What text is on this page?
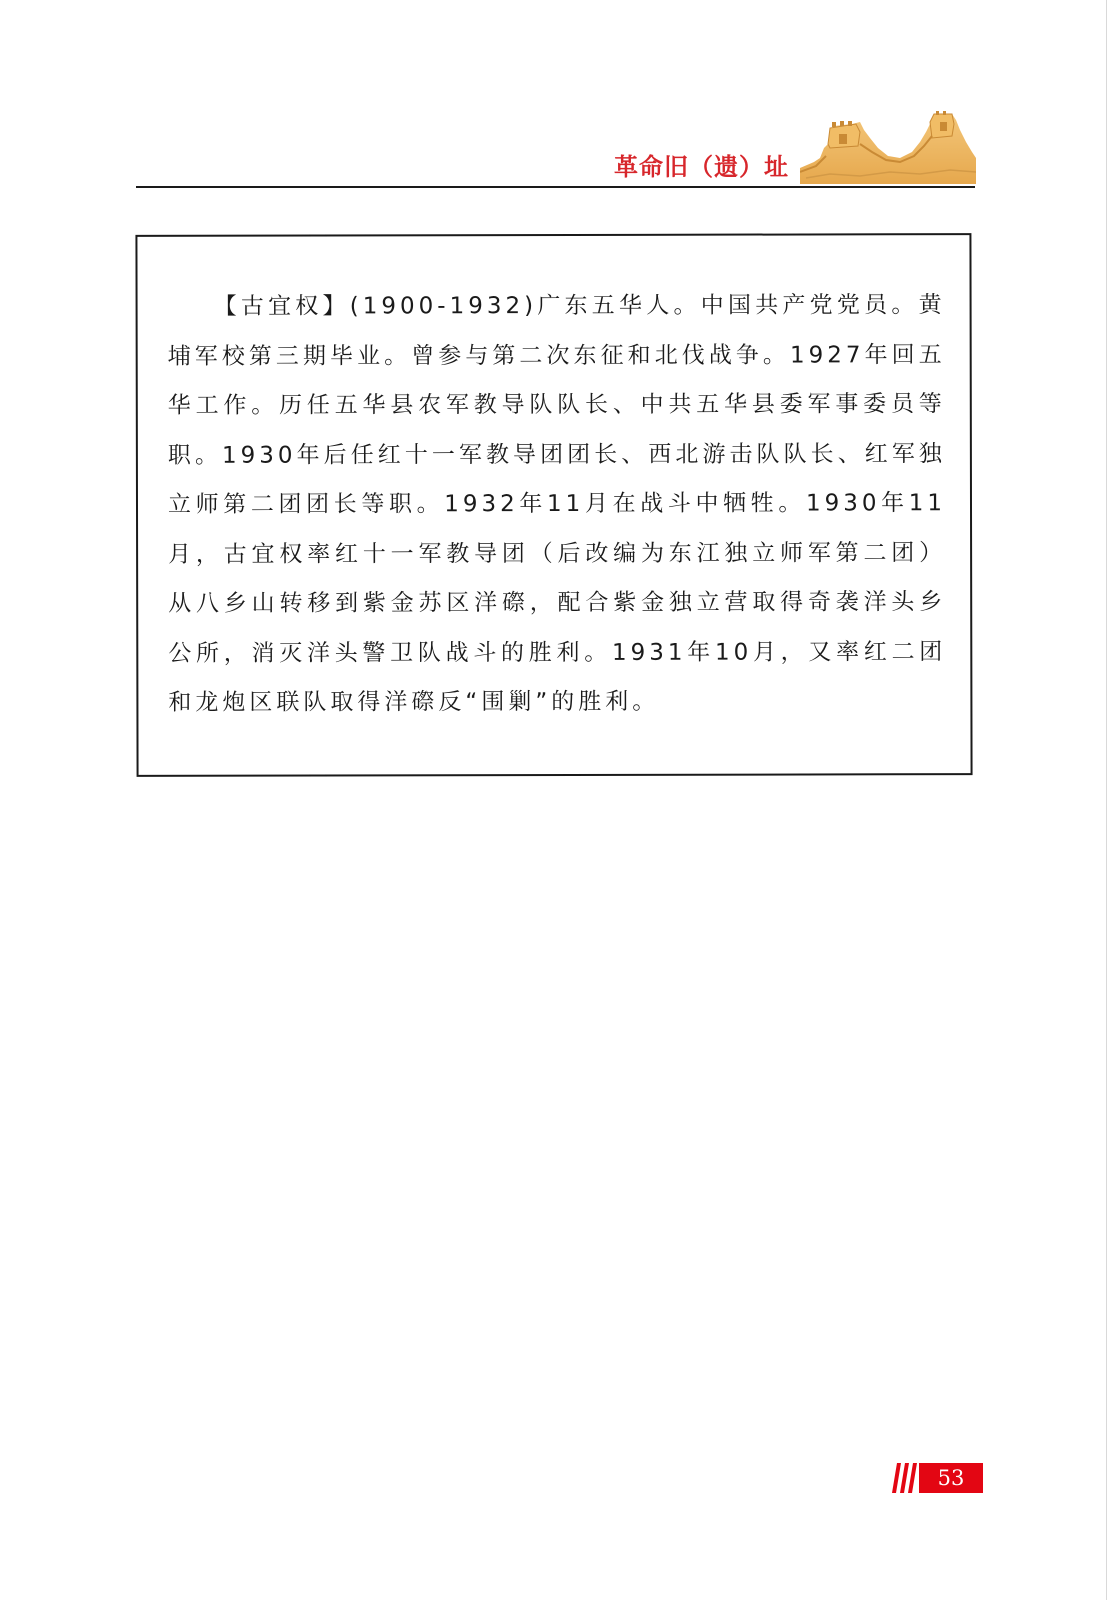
革命旧（遗）址

【古宜权】(1900-1932)广东五华人。中国共产党党员。黄埔军校第三期毕业。曾参与第二次东征和北伐战争。1927年回五华工作。历任五华县农军教导队队长、中共五华县委军事委员等职。1930年后任红十一军教导团团长、西北游击队队长、红军独立师第二团团长等职。1932年11月在战斗中牺牲。1930年11月，古宜权率红十一军教导团（后改编为东江独立师军第二团）从八乡山转移到紫金苏区洋磜，配合紫金独立营取得奇袭洋头乡公所，消灭洋头警卫队战斗的胜利。1931年10月，又率红二团和龙炮区联队取得洋磜反“围剿”的胜利。

53
